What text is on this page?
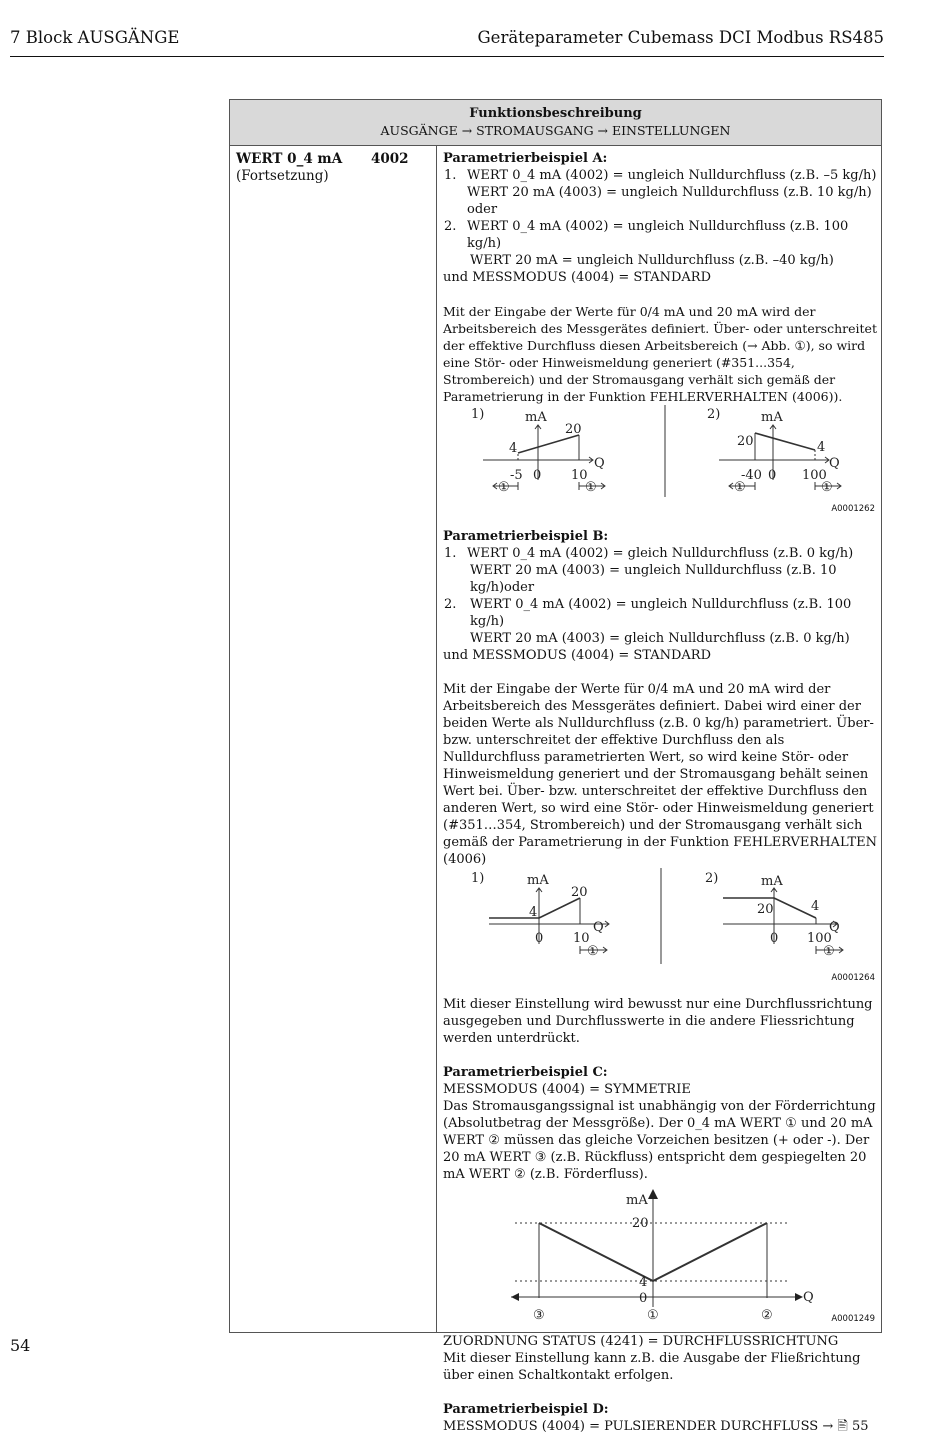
7 Block AUSGÄNGE	Geräteparameter Cubemass DCI Modbus RS485
Funktionsbeschreibung
AUSGÄNGE → STROMAUSGANG → EINSTELLUNGEN
WERT 0_4 mA 4002
(Fortsetzung)

Parametrierbeispiel A:

1. WERT 0_4 mA (4002) = ungleich Nulldurchfluss (z.B. –5 kg/h)
WERT 20 mA (4003) = ungleich Nulldurchfluss (z.B. 10 kg/h) oder
2. WERT 0_4 mA (4002) = ungleich Nulldurchfluss (z.B. 100 kg/h)
WERT 20 mA = ungleich Nulldurchfluss (z.B. –40 kg/h)

und MESSMODUS (4004) = STANDARD

Mit der Eingabe der Werte für 0/4 mA und 20 mA wird der Arbeitsbereich des Messgerätes definiert. Über- oder unterschreitet der effektive Durchfluss diesen Arbeitsbereich (→ Abb. ①), so wird eine Stör- oder Hinweismeldung generiert (#351...354, Strombereich) und der Stromausgang verhält sich gemäß der Parametrierung in der Funktion FEHLERVERHALTEN (4006)).

1)	mA
20
4
Q
-5 0 10
①	①
2)	mA
20	4
Q
-40 0 100
①	①
A0001262

Parametrierbeispiel B:

1. WERT 0_4 mA (4002) = gleich Nulldurchfluss (z.B. 0 kg/h)
WERT 20 mA (4003) = ungleich Nulldurchfluss (z.B. 10 kg/h)oder
2. WERT 0_4 mA (4002) = ungleich Nulldurchfluss (z.B. 100 kg/h)
WERT 20 mA (4003) = gleich Nulldurchfluss (z.B. 0 kg/h)

und MESSMODUS (4004) = STANDARD

Mit der Eingabe der Werte für 0/4 mA und 20 mA wird der Arbeitsbereich des Messgerätes definiert. Dabei wird einer der beiden Werte als Nulldurchfluss (z.B. 0 kg/h) parametriert. Über- bzw. unterschreitet der effektive Durchfluss den als Nulldurchfluss parametrierten Wert, so wird keine Stör- oder Hinweismeldung generiert und der Stromausgang behält seinen Wert bei. Über- bzw. unterschreitet der effektive Durchfluss den anderen Wert, so wird eine Stör- oder Hinweismeldung generiert (#351…354, Strombereich) und der Stromausgang verhält sich gemäß der Parametrierung in der Funktion FEHLERVERHALTEN (4006)

1)	mA
20
4
Q
0 10
①
2)	mA
20	4
Q
0 100
①
A0001264

Mit dieser Einstellung wird bewusst nur eine Durchflussrichtung ausgegeben und Durchflusswerte in die andere Fliessrichtung werden unterdrückt.

Parametrierbeispiel C:

MESSMODUS (4004) = SYMMETRIE

Das Stromausgangssignal ist unabhängig von der Förderrichtung (Absolutbetrag der Messgröße). Der 0_4 mA WERT ① und 20 mA WERT ② müssen das gleiche Vorzeichen besitzen (+ oder -). Der 20 mA WERT ③ (z.B. Rückfluss) entspricht dem gespiegelten 20 mA WERT ② (z.B. Förderfluss).

mA
20
4
0	Q
①	②
③	A0001249

ZUORDNUNG STATUS (4241) = DURCHFLUSSRICHTUNG

Mit dieser Einstellung kann z.B. die Ausgabe der Fließrichtung über einen Schaltkontakt erfolgen.

Parametrierbeispiel D:

MESSMODUS (4004) = PULSIERENDER DURCHFLUSS → 🖹 55

54
